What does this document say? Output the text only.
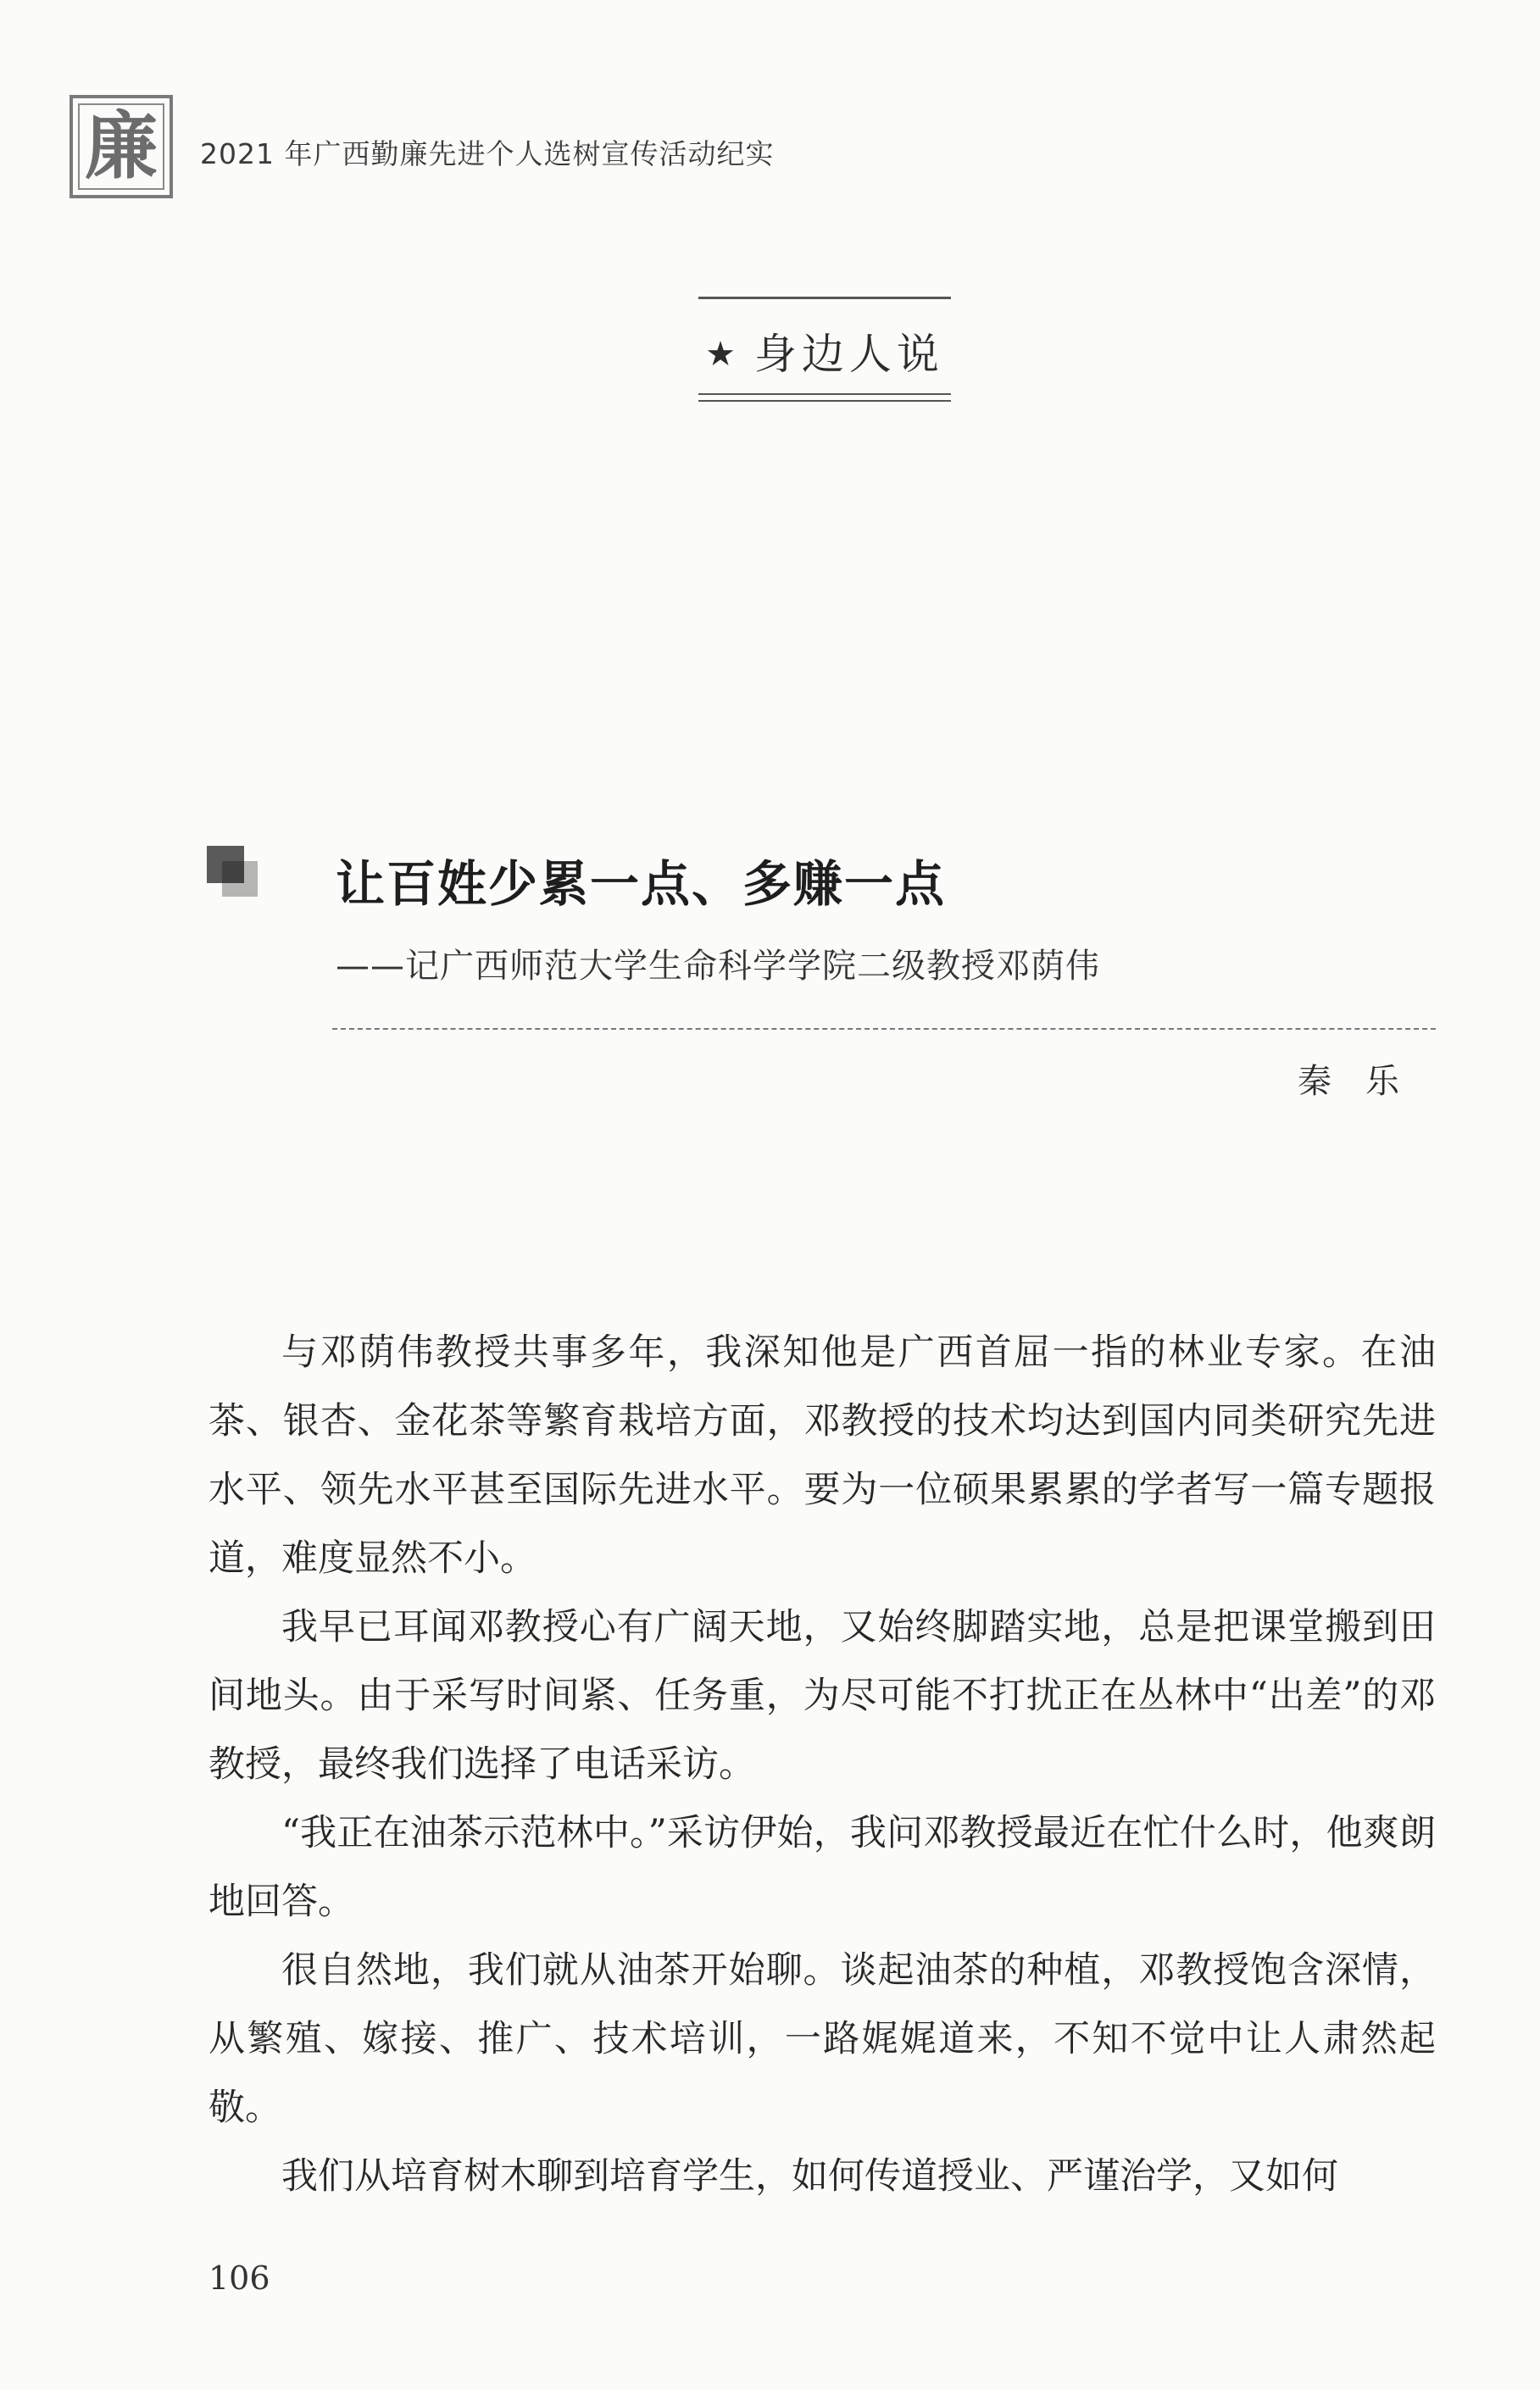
廉 2021 年广西勤廉先进个人选树宣传活动纪实
★ 身边人说
让百姓少累一点、多赚一点
——记广西师范大学生命科学学院二级教授邓荫伟
秦乐

与邓荫伟教授共事多年，我深知他是广西首屈一指的林业专家。在油茶、银杏、金花茶等繁育栽培方面，邓教授的技术均达到国内同类研究先进水平、领先水平甚至国际先进水平。要为一位硕果累累的学者写一篇专题报道，难度显然不小。

我早已耳闻邓教授心有广阔天地，又始终脚踏实地，总是把课堂搬到田间地头。由于采写时间紧、任务重，为尽可能不打扰正在丛林中“出差”的邓教授，最终我们选择了电话采访。

“我正在油茶示范林中。”采访伊始，我问邓教授最近在忙什么时，他爽朗地回答。

很自然地，我们就从油茶开始聊。谈起油茶的种植，邓教授饱含深情，从繁殖、嫁接、推广、技术培训，一路娓娓道来，不知不觉中让人肃然起敬。

我们从培育树木聊到培育学生，如何传道授业、严谨治学，又如何

106
